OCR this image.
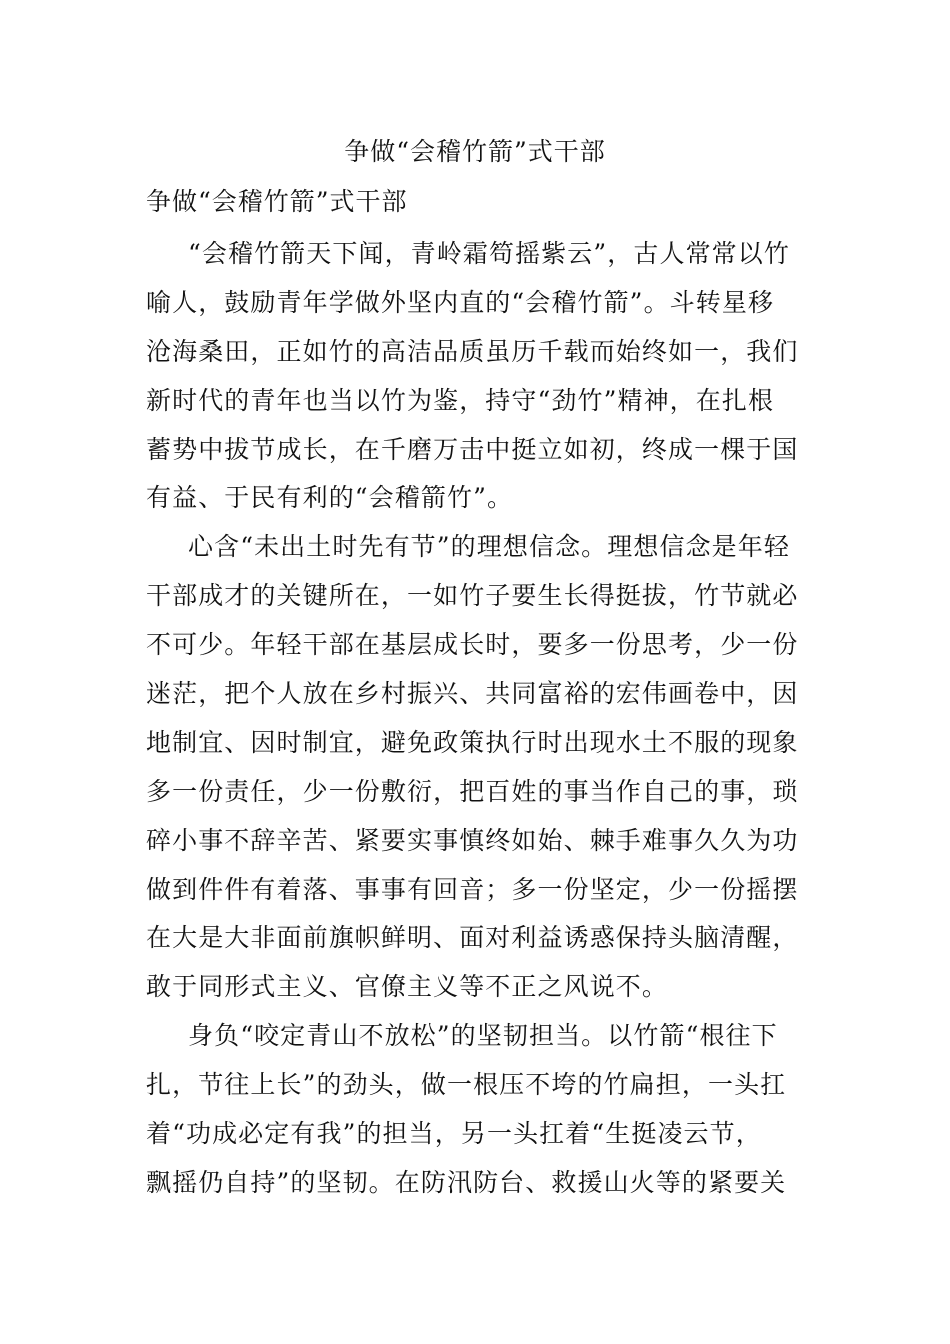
争做“会稽竹箭”式干部
争做“会稽竹箭”式干部
“会稽竹箭天下闻，青岭霜笱摇紫云”，古人常常以竹
喻人，鼓励青年学做外坚内直的“会稽竹箭”。斗转星移
沧海桑田，正如竹的高洁品质虽历千载而始终如一，我们
新时代的青年也当以竹为鉴，持守“劲竹”精神，在扎根
蓄势中拔节成长，在千磨万击中挺立如初，终成一棵于国
有益、于民有利的“会稽箭竹”。
心含“未出土时先有节”的理想信念。理想信念是年轻
干部成才的关键所在，一如竹子要生长得挺拔，竹节就必
不可少。年轻干部在基层成长时，要多一份思考，少一份
迷茫，把个人放在乡村振兴、共同富裕的宏伟画卷中，因
地制宜、因时制宜，避免政策执行时出现水土不服的现象
多一份责任，少一份敷衍，把百姓的事当作自己的事，琐
碎小事不辞辛苦、紧要实事慎终如始、棘手难事久久为功
做到件件有着落、事事有回音；多一份坚定，少一份摇摆
在大是大非面前旗帜鲜明、面对利益诱惑保持头脑清醒，
敢于同形式主义、官僚主义等不正之风说不。
身负“咬定青山不放松”的坚韧担当。以竹箭“根往下
扎，节往上长”的劲头，做一根压不垮的竹扁担，一头扛
着“功成必定有我”的担当，另一头扛着“生挺凌云节，
飘摇仍自持”的坚韧。在防汛防台、救援山火等的紧要关
